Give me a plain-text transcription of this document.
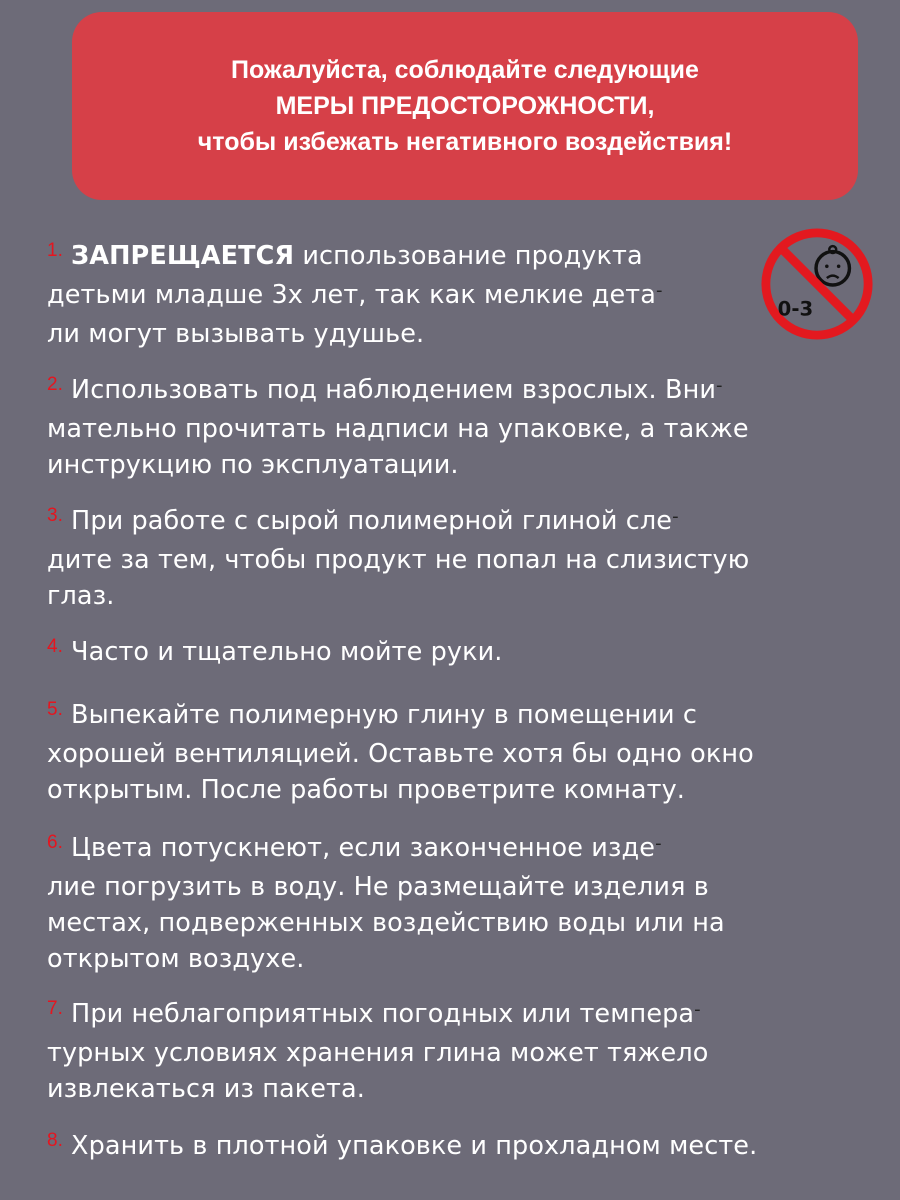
Пожалуйста, соблюдайте следующие
МЕРЫ ПРЕДОСТОРОЖНОСТИ,
чтобы избежать негативного воздействия!
$^{1.}$ ЗАПРЕЩАЕТСЯ использование продукта
детьми младше 3х лет, так как мелкие дета-
ли могут вызывать удушье.
0-3
$^{2.}$ Использовать под наблюдением взрослых. Вни-
мательно прочитать надписи на упаковке, а также
инструкцию по эксплуатации.
$^{3.}$ При работе с сырой полимерной глиной сле-
дите за тем, чтобы продукт не попал на слизистую
глаз.
$^{4.}$ Часто и тщательно мойте руки.
$^{5.}$ Выпекайте полимерную глину в помещении с
хорошей вентиляцией. Оставьте хотя бы одно окно
открытым. После работы проветрите комнату.
$^{6.}$ Цвета потускнеют, если законченное изде-
лие погрузить в воду. Не размещайте изделия в
местах, подверженных воздействию воды или на
открытом воздухе.
$^{7.}$ При неблагоприятных погодных или темпера-
турных условиях хранения глина может тяжело
извлекаться из пакета.
$^{8.}$ Хранить в плотной упаковке и прохладном месте.
